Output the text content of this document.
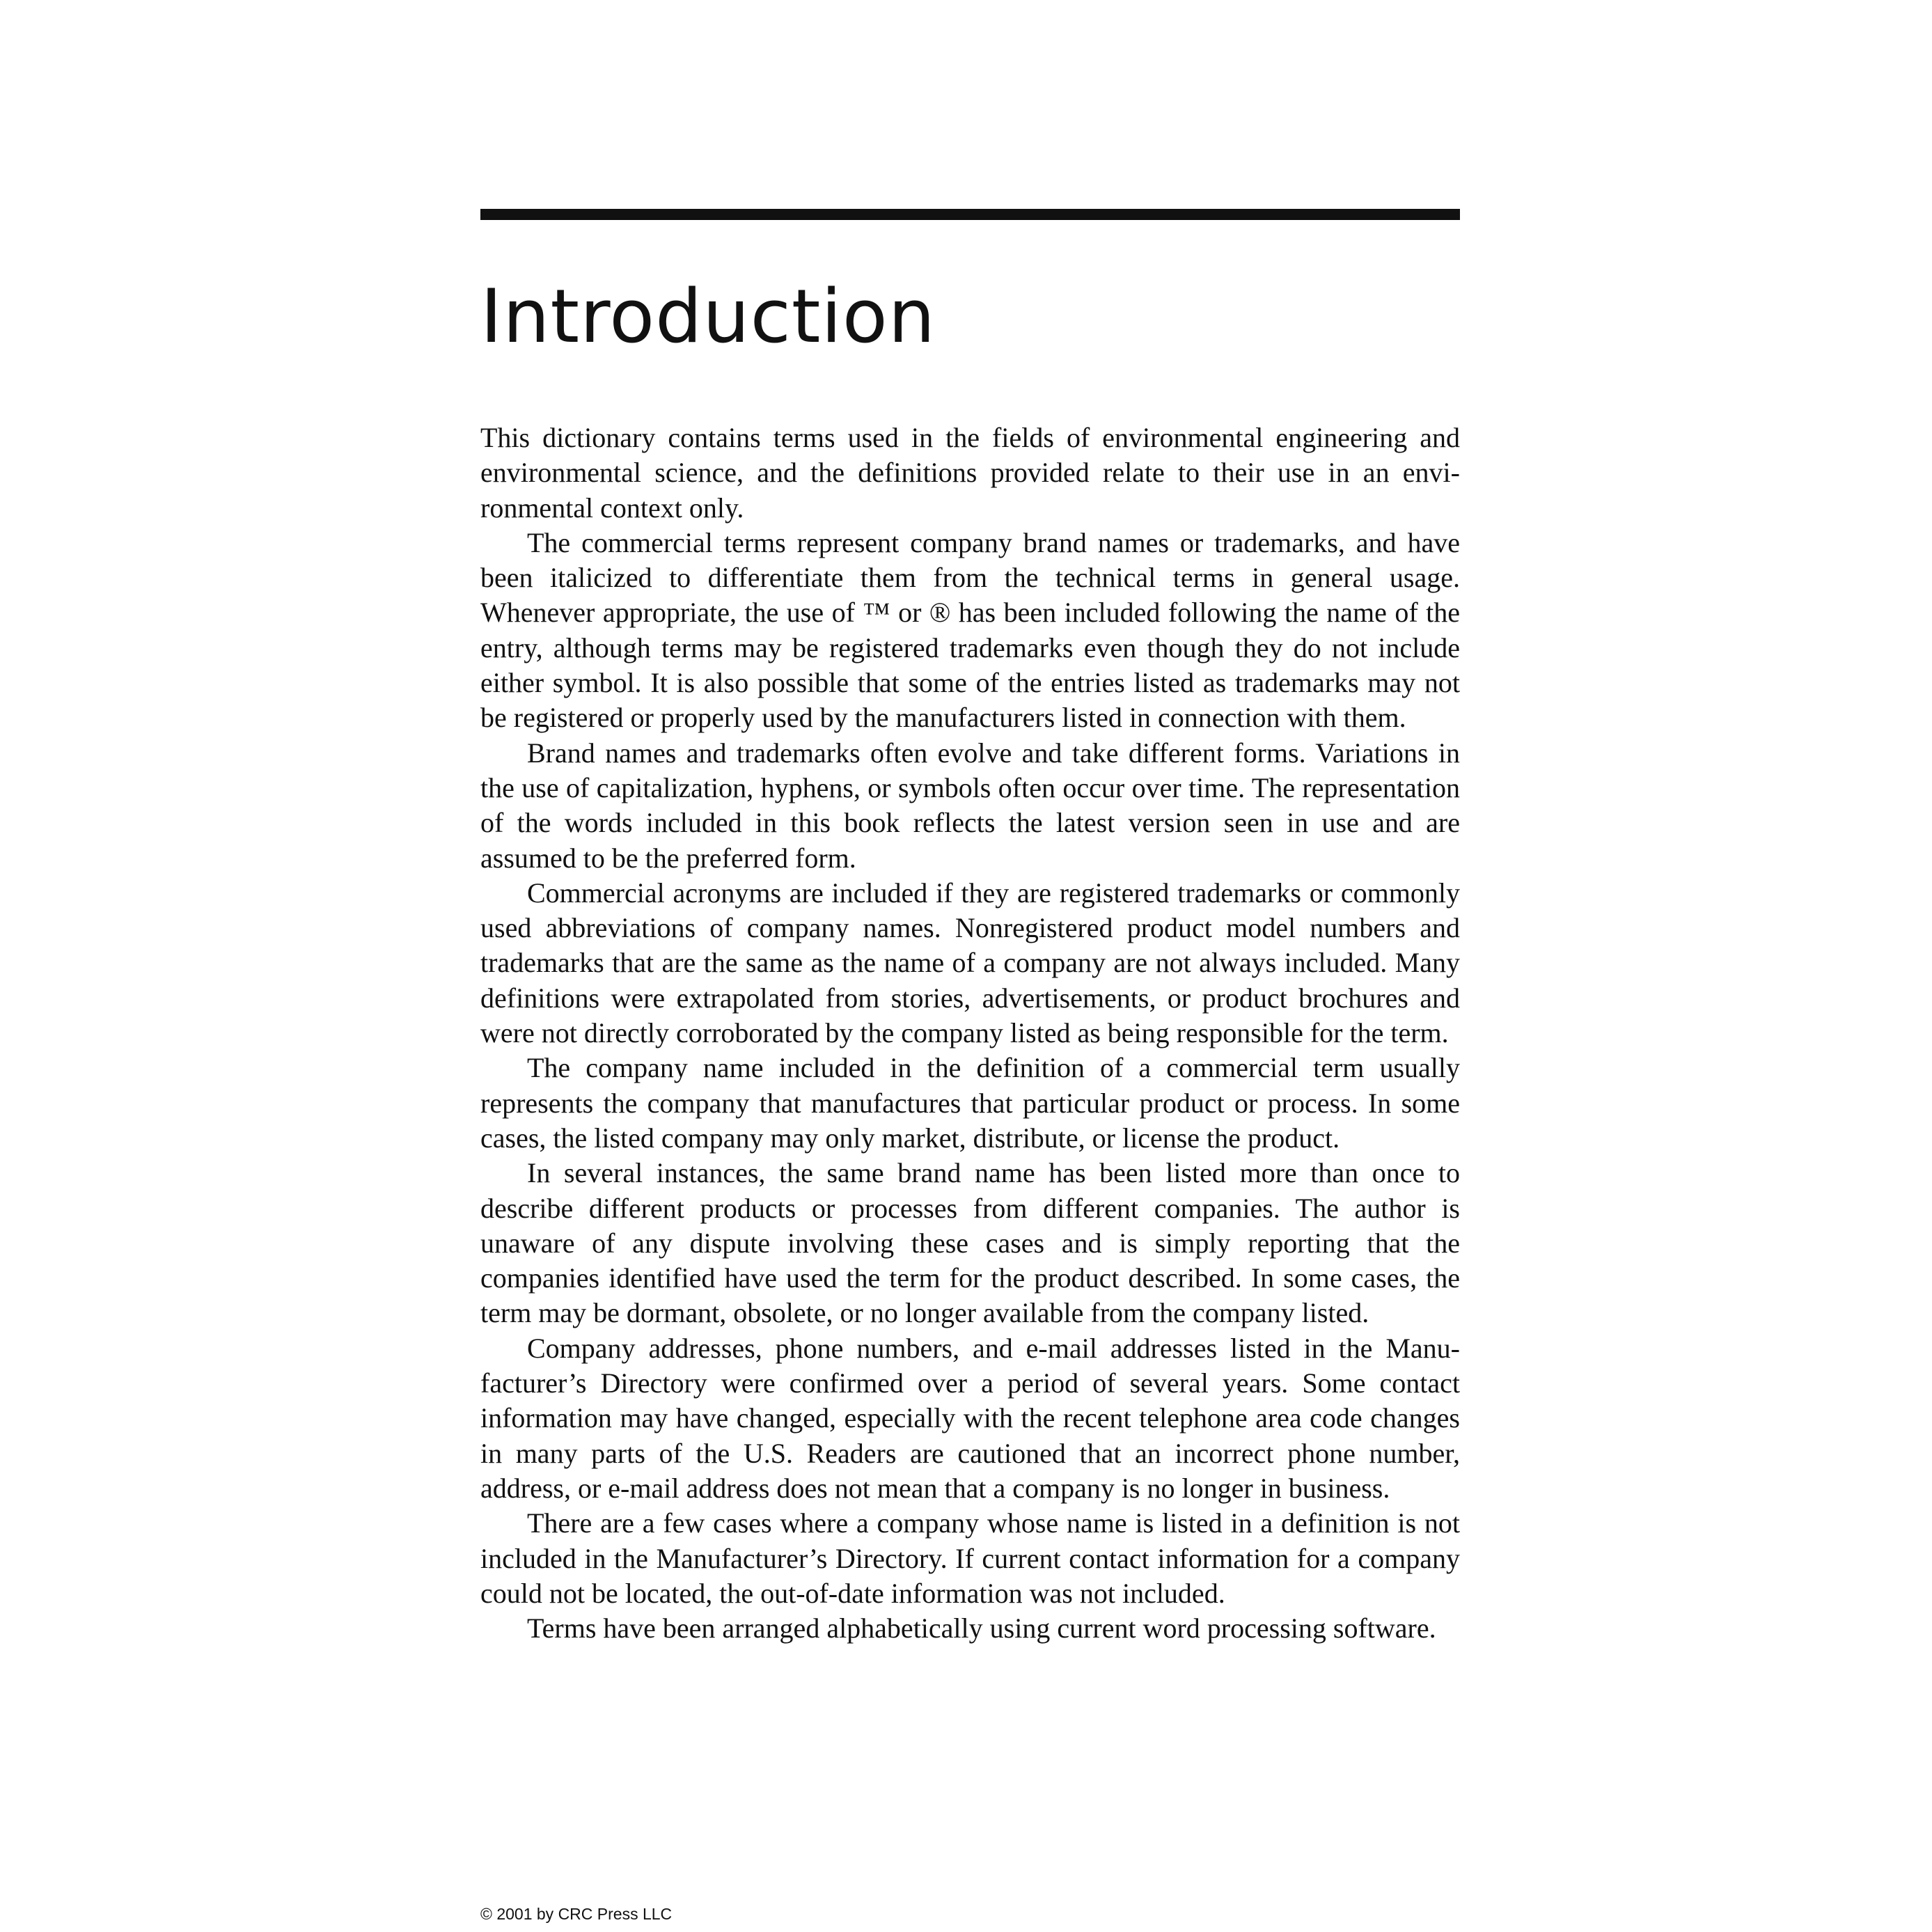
Introduction

This dictionary contains terms used in the fields of environmental engineering and environmental science, and the definitions provided relate to their use in an environmental context only.

The commercial terms represent company brand names or trademarks, and have been italicized to differentiate them from the technical terms in general usage. Whenever appropriate, the use of ™ or ® has been included following the name of the entry, although terms may be registered trademarks even though they do not include either symbol. It is also possible that some of the entries listed as trademarks may not be registered or properly used by the manufacturers listed in connection with them.

Brand names and trademarks often evolve and take different forms. Variations in the use of capitalization, hyphens, or symbols often occur over time. The representation of the words included in this book reflects the latest version seen in use and are assumed to be the preferred form.

Commercial acronyms are included if they are registered trademarks or commonly used abbreviations of company names. Nonregistered product model numbers and trademarks that are the same as the name of a company are not always included. Many definitions were extrapolated from stories, advertisements, or product brochures and were not directly corroborated by the company listed as being responsible for the term.

The company name included in the definition of a commercial term usually represents the company that manufactures that particular product or process. In some cases, the listed company may only market, distribute, or license the product.

In several instances, the same brand name has been listed more than once to describe different products or processes from different companies. The author is unaware of any dispute involving these cases and is simply reporting that the companies identified have used the term for the product described. In some cases, the term may be dormant, obsolete, or no longer available from the company listed.

Company addresses, phone numbers, and e-mail addresses listed in the Manufacturer’s Directory were confirmed over a period of several years. Some contact information may have changed, especially with the recent telephone area code changes in many parts of the U.S. Readers are cautioned that an incorrect phone number, address, or e-mail address does not mean that a company is no longer in business.

There are a few cases where a company whose name is listed in a definition is not included in the Manufacturer’s Directory. If current contact information for a company could not be located, the out-of-date information was not included.

Terms have been arranged alphabetically using current word processing software.

© 2001 by CRC Press LLC
